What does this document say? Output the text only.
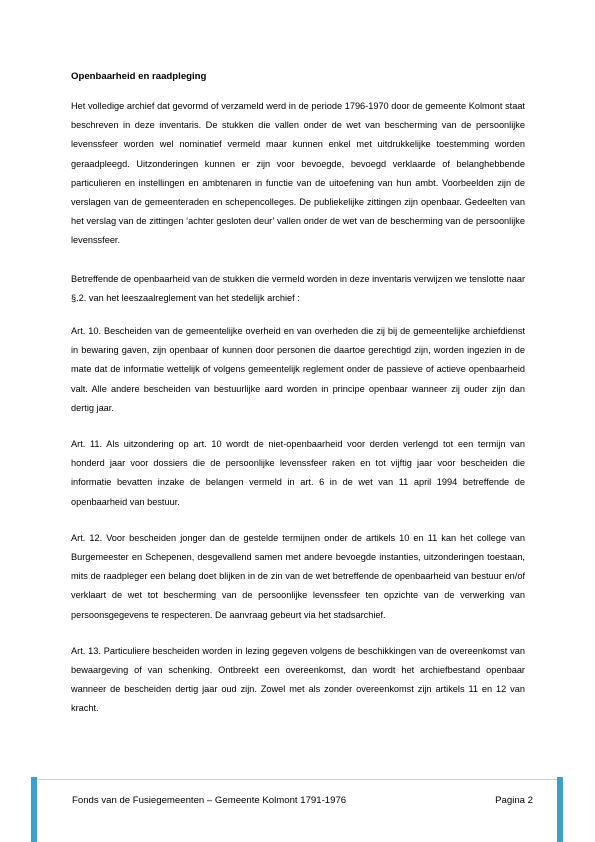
Openbaarheid en raadpleging

Het volledige archief dat gevormd of verzameld werd in de periode 1796-1970 door de gemeente Kolmont staat beschreven in deze inventaris. De stukken die vallen onder de wet van bescherming van de persoonlijke levenssfeer worden wel nominatief vermeld maar kunnen enkel met uitdrukkelijke toestemming worden geraadpleegd. Uitzonderingen kunnen er zijn voor bevoegde, bevoegd verklaarde of belanghebbende particulieren en instellingen en ambtenaren in functie van de uitoefening van hun ambt. Voorbeelden zijn de verslagen van de gemeenteraden en schepencolleges. De publiekelijke zittingen zijn openbaar. Gedeelten van het verslag van de zittingen ‘achter gesloten deur’ vallen onder de wet van de bescherming van de persoonlijke levenssfeer.

Betreffende de openbaarheid van de stukken die vermeld worden in deze inventaris verwijzen we tenslotte naar §.2. van het leeszaalreglement van het stedelijk archief :

Art. 10. Bescheiden van de gemeentelijke overheid en van overheden die zij bij de gemeentelijke archiefdienst in bewaring gaven, zijn openbaar of kunnen door personen die daartoe gerechtigd zijn, worden ingezien in de mate dat de informatie wettelijk of volgens gemeentelijk reglement onder de passieve of actieve openbaarheid valt. Alle andere bescheiden van bestuurlijke aard worden in principe openbaar wanneer zij ouder zijn dan dertig jaar.

Art. 11. Als uitzondering op art. 10 wordt de niet-openbaarheid voor derden verlengd tot een termijn van honderd jaar voor dossiers die de persoonlijke levenssfeer raken en tot vijftig jaar voor bescheiden die informatie bevatten inzake de belangen vermeld in art. 6 in de wet van 11 april 1994 betreffende de openbaarheid van bestuur.

Art. 12. Voor bescheiden jonger dan de gestelde termijnen onder de artikels 10 en 11 kan het college van Burgemeester en Schepenen, desgevallend samen met andere bevoegde instanties, uitzonderingen toestaan, mits de raadpleger een belang doet blijken in de zin van de wet betreffende de openbaarheid van bestuur en/of verklaart de wet tot bescherming van de persoonlijke levenssfeer ten opzichte van de verwerking van persoonsgegevens te respecteren. De aanvraag gebeurt via het stadsarchief.

Art. 13. Particuliere bescheiden worden in lezing gegeven volgens de beschikkingen van de overeenkomst van bewaargeving of van schenking. Ontbreekt een overeenkomst, dan wordt het archiefbestand openbaar wanneer de bescheiden dertig jaar oud zijn. Zowel met als zonder overeenkomst zijn artikels 11 en 12 van kracht.

Fonds van de Fusiegemeenten – Gemeente Kolmont 1791-1976	Pagina 2
